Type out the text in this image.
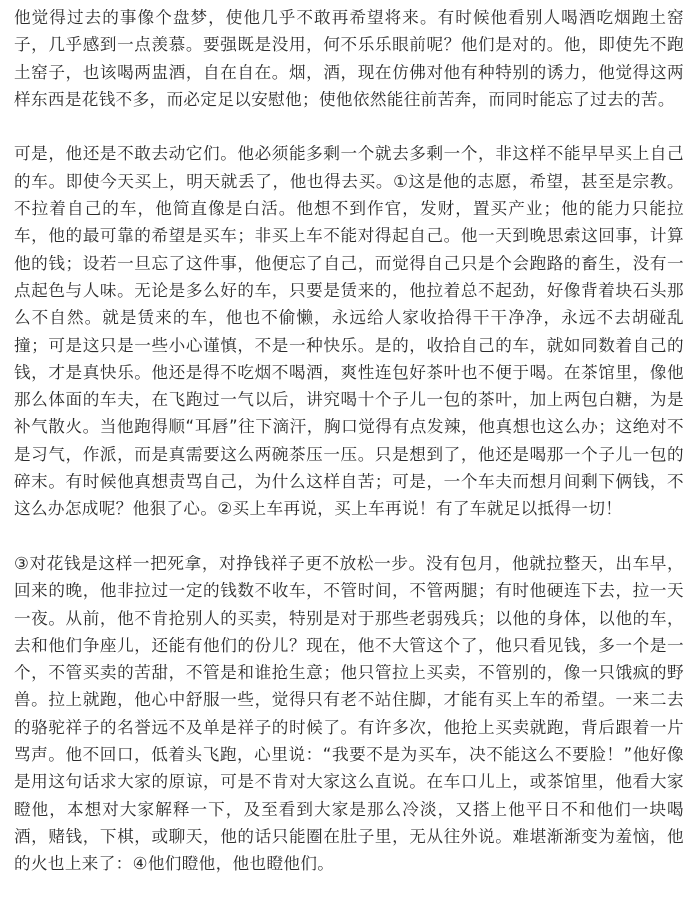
他觉得过去的事像个盘梦，使他几乎不敢再希望将来。有时候他看别人喝酒吃烟跑土窑子，几乎感到一点羡慕。要强既是没用，何不乐乐眼前呢？他们是对的。他，即使先不跑土窑子，也该喝两盅酒，自在自在。烟，酒，现在仿佛对他有种特别的诱力，他觉得这两样东西是花钱不多，而必定足以安慰他；使他依然能往前苦奔，而同时能忘了过去的苦。

可是，他还是不敢去动它们。他必须能多剩一个就去多剩一个，非这样不能早早买上自己的车。即使今天买上，明天就丢了，他也得去买。①这是他的志愿，希望，甚至是宗教。不拉着自己的车，他简直像是白活。他想不到作官，发财，置买产业；他的能力只能拉车，他的最可靠的希望是买车；非买上车不能对得起自己。他一天到晚思索这回事，计算他的钱；设若一旦忘了这件事，他便忘了自己，而觉得自己只是个会跑路的畜生，没有一点起色与人味。无论是多么好的车，只要是赁来的，他拉着总不起劲，好像背着块石头那么不自然。就是赁来的车，他也不偷懒，永远给人家收拾得干干净净，永远不去胡碰乱撞；可是这只是一些小心谨慎，不是一种快乐。是的，收拾自己的车，就如同数着自己的钱，才是真快乐。他还是得不吃烟不喝酒，爽性连包好茶叶也不便于喝。在茶馆里，像他那么体面的车夫，在飞跑过一气以后，讲究喝十个子儿一包的茶叶，加上两包白糖，为是补气散火。当他跑得顺“耳唇”往下滴汗，胸口觉得有点发辣，他真想也这么办；这绝对不是习气，作派，而是真需要这么两碗茶压一压。只是想到了，他还是喝那一个子儿一包的碎末。有时候他真想责骂自己，为什么这样自苦；可是，一个车夫而想月间剩下俩钱，不这么办怎成呢？他狠了心。②买上车再说，买上车再说！有了车就足以抵得一切！

③对花钱是这样一把死拿，对挣钱祥子更不放松一步。没有包月，他就拉整天，出车早，回来的晚，他非拉过一定的钱数不收车，不管时间，不管两腿；有时他硬连下去，拉一天一夜。从前，他不肯抢别人的买卖，特别是对于那些老弱残兵；以他的身体，以他的车，去和他们争座儿，还能有他们的份儿？现在，他不大管这个了，他只看见钱，多一个是一个，不管买卖的苦甜，不管是和谁抢生意；他只管拉上买卖，不管别的，像一只饿疯的野兽。拉上就跑，他心中舒服一些，觉得只有老不站住脚，才能有买上车的希望。一来二去的骆驼祥子的名誉远不及单是祥子的时候了。有许多次，他抢上买卖就跑，背后跟着一片骂声。他不回口，低着头飞跑，心里说：“我要不是为买车，决不能这么不要脸！”他好像是用这句话求大家的原谅，可是不肯对大家这么直说。在车口儿上，或茶馆里，他看大家瞪他，本想对大家解释一下，及至看到大家是那么冷淡，又搭上他平日不和他们一块喝酒，赌钱，下棋，或聊天，他的话只能圈在肚子里，无从往外说。难堪渐渐变为羞恼，他的火也上来了：④他们瞪他，他也瞪他们。
